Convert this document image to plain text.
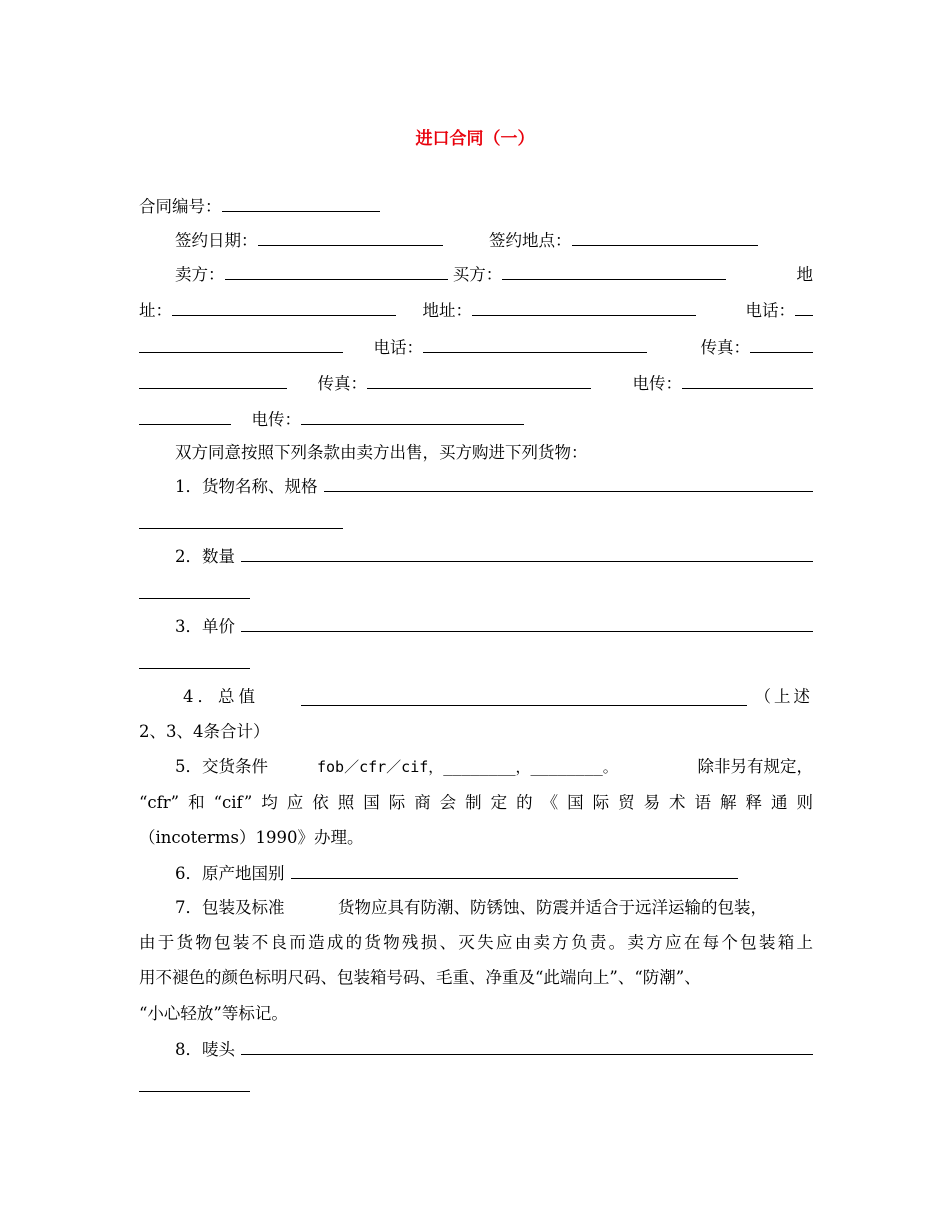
进口合同（一）
合同编号：
签约日期：	签约地点：
卖方：	买方：	地
址：	地址：	电话：
电话：	传真：
传真：	电传：
电传：
双方同意按照下列条款由卖方出售，买方购进下列货物：
1．货物名称、规格
2．数量
3．单价
4．总值	（上述
2、3、4条合计）
5．交货条件	fob／cfr／cif，________，________。	除非另有规定，
“cfr”和“cif”均应依照国际商会制定的《国际贸易术语解释通则
（incoterms）1990》办理。
6．原产地国别
7．包装及标准	货物应具有防潮、防锈蚀、防震并适合于远洋运输的包装，
由于货物包装不良而造成的货物残损、灭失应由卖方负责。卖方应在每个包装箱上
用不褪色的颜色标明尺码、包装箱号码、毛重、净重及“此端向上”、“防潮”、
“小心轻放”等标记。
8．唛头
